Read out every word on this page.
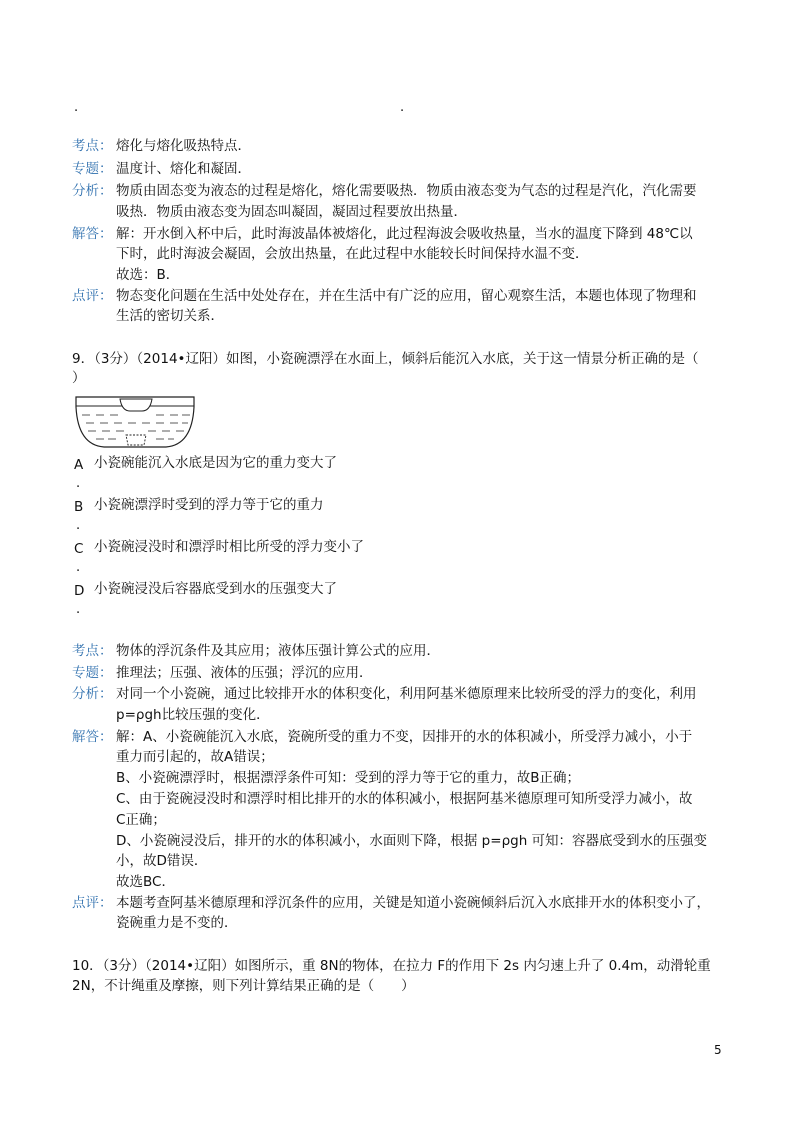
.	.
考点： 熔化与熔化吸热特点．
专题： 温度计、熔化和凝固．
分析： 物质由固态变为液态的过程是熔化，熔化需要吸热．物质由液态变为气态的过程是汽化，汽化需要
吸热．物质由液态变为固态叫凝固，凝固过程要放出热量．
解答： 解：开水倒入杯中后，此时海波晶体被熔化，此过程海波会吸收热量，当水的温度下降到 48℃以
下时，此时海波会凝固，会放出热量，在此过程中水能较长时间保持水温不变．
故选：B．
点评： 物态变化问题在生活中处处存在，并在生活中有广泛的应用，留心观察生活，本题也体现了物理和
生活的密切关系．
9．（3分）（2014•辽阳）如图，小瓷碗漂浮在水面上，倾斜后能沉入水底，关于这一情景分析正确的是（
）
A 小瓷碗能沉入水底是因为它的重力变大了
.
B 小瓷碗漂浮时受到的浮力等于它的重力
.
C 小瓷碗浸没时和漂浮时相比所受的浮力变小了
.
D 小瓷碗浸没后容器底受到水的压强变大了
.
考点： 物体的浮沉条件及其应用；液体压强计算公式的应用．
专题： 推理法；压强、液体的压强；浮沉的应用．
分析： 对同一个小瓷碗，通过比较排开水的体积变化，利用阿基米德原理来比较所受的浮力的变化，利用
p=ρgh比较压强的变化．
解答： 解：A、小瓷碗能沉入水底，瓷碗所受的重力不变，因排开的水的体积减小，所受浮力减小，小于
重力而引起的，故A错误；
B、小瓷碗漂浮时，根据漂浮条件可知：受到的浮力等于它的重力，故B正确；
C、由于瓷碗浸没时和漂浮时相比排开的水的体积减小，根据阿基米德原理可知所受浮力减小，故
C正确；
D、小瓷碗浸没后，排开的水的体积减小，水面则下降，根据 p=ρgh 可知：容器底受到水的压强变
小，故D错误．
故选BC．
点评： 本题考查阿基米德原理和浮沉条件的应用，关键是知道小瓷碗倾斜后沉入水底排开水的体积变小了，
瓷碗重力是不变的．
10．（3分）（2014•辽阳）如图所示，重 8N的物体，在拉力 F的作用下 2s 内匀速上升了 0.4m，动滑轮重
2N，不计绳重及摩擦，则下列计算结果正确的是（　　）
5
